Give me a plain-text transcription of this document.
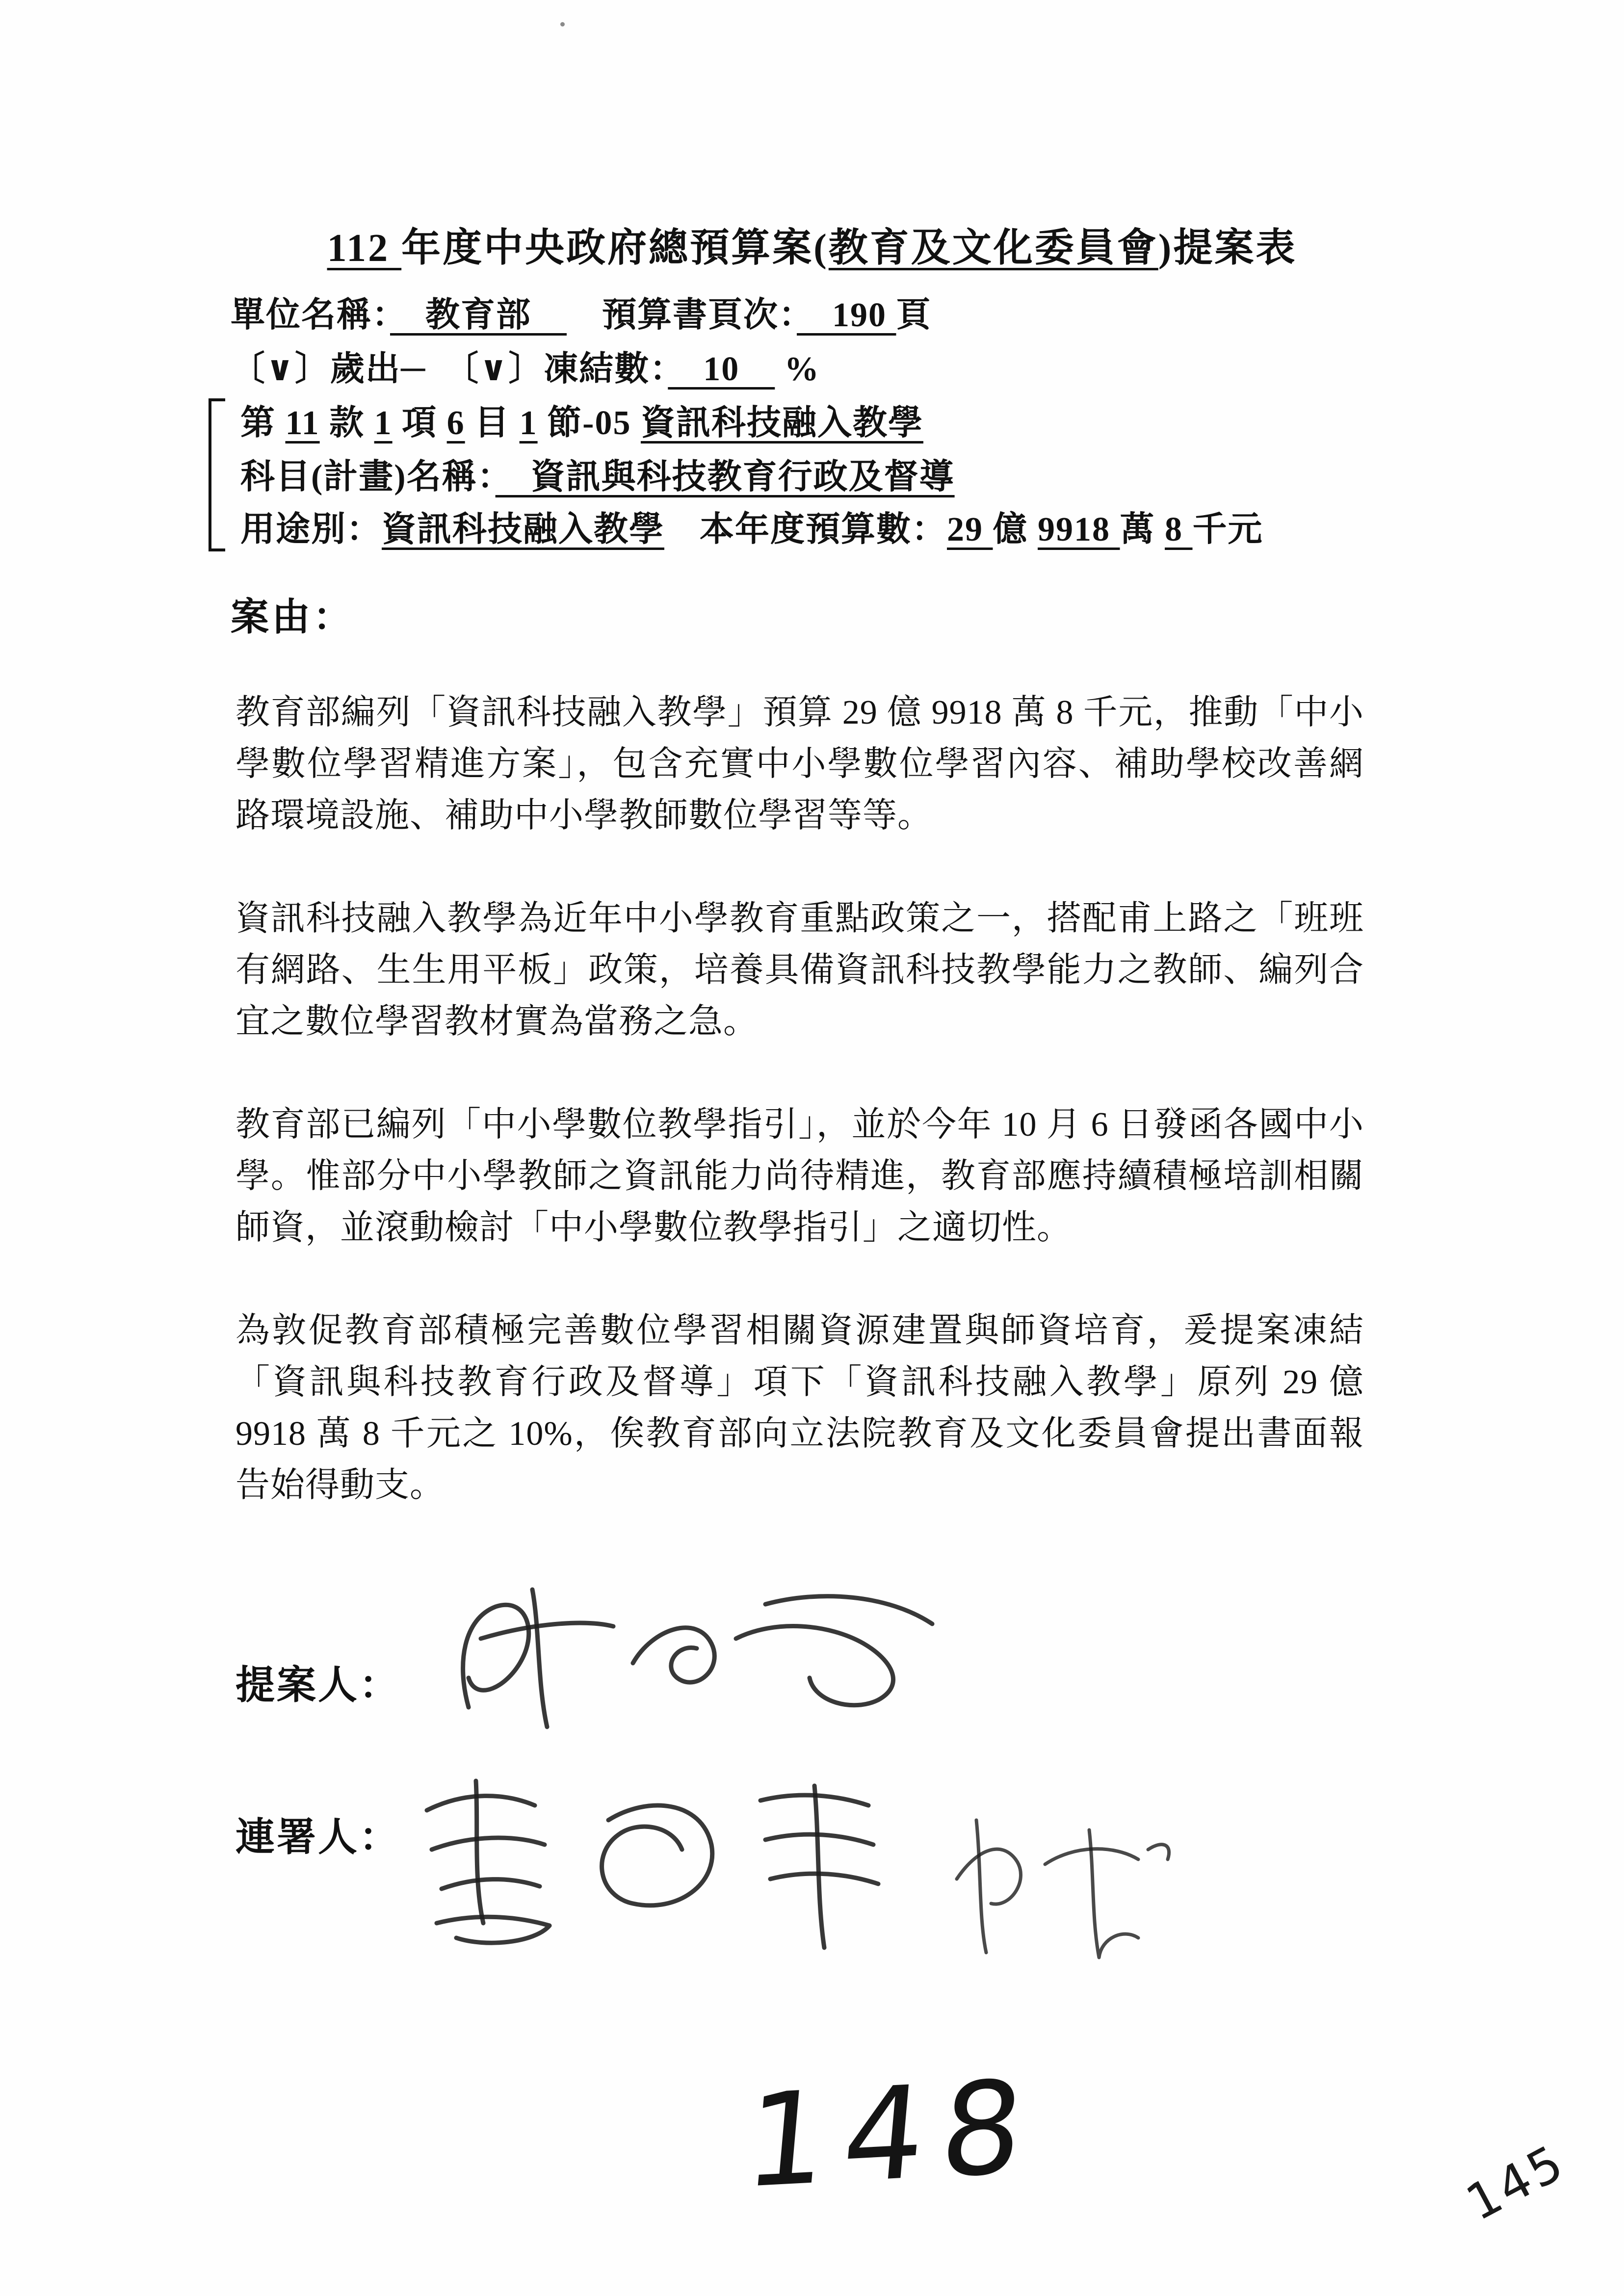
112 年度中央政府總預算案(教育及文化委員會)提案表
單位名稱：　教育部　　預算書頁次：　190 頁
〔∨〕歲出─　〔∨〕凍結數：　10　 %
第 11 款 1 項 6 目 1 節-05 資訊科技融入教學
科目(計畫)名稱：　資訊與科技教育行政及督導
用途別：資訊科技融入教學　本年度預算數：29 億 9918 萬 8 千元
案由：
教育部編列「資訊科技融入教學」預算 29 億 9918 萬 8 千元，推動「中小學數位學習精進方案」，包含充實中小學數位學習內容、補助學校改善網路環境設施、補助中小學教師數位學習等等。
資訊科技融入教學為近年中小學教育重點政策之一，搭配甫上路之「班班有網路、生生用平板」政策，培養具備資訊科技教學能力之教師、編列合宜之數位學習教材實為當務之急。
教育部已編列「中小學數位教學指引」，並於今年 10 月 6 日發函各國中小學。惟部分中小學教師之資訊能力尚待精進，教育部應持續積極培訓相關師資，並滾動檢討「中小學數位教學指引」之適切性。
為敦促教育部積極完善數位學習相關資源建置與師資培育，爰提案凍結「資訊與科技教育行政及督導」項下「資訊科技融入教學」原列 29 億 9918 萬 8 千元之 10%，俟教育部向立法院教育及文化委員會提出書面報告始得動支。
提案人：
連署人：
148	145
